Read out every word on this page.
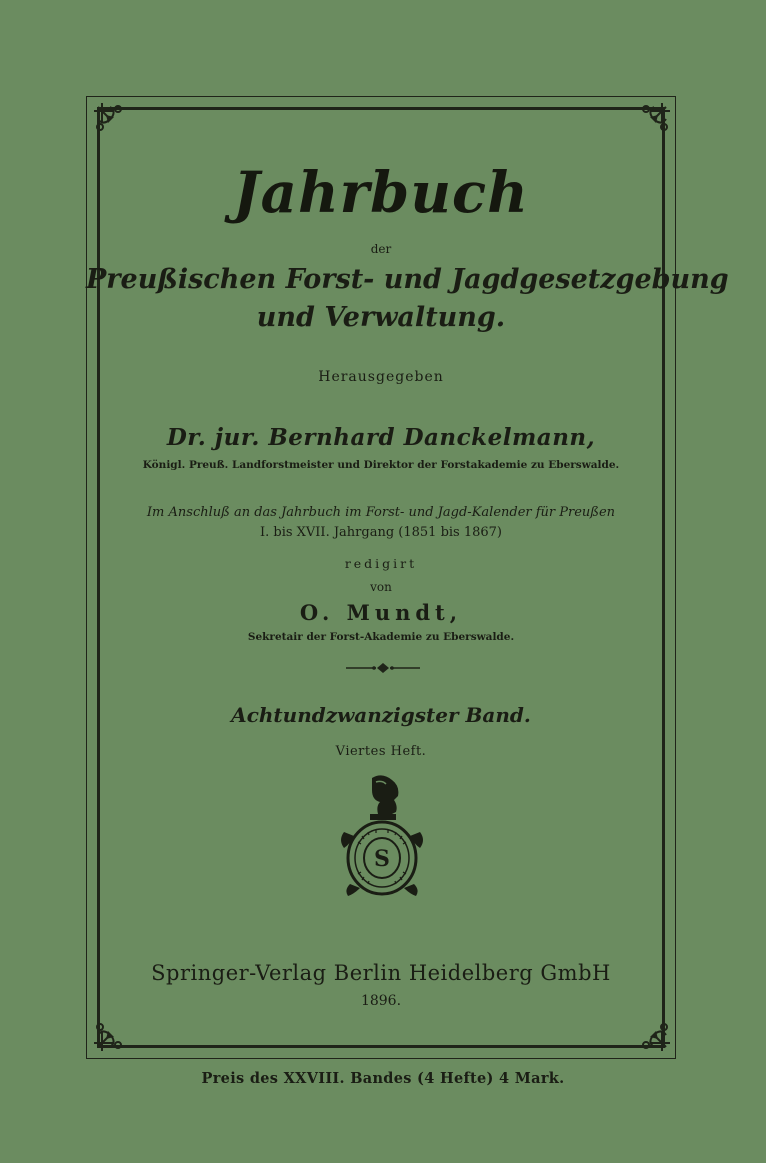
Jahrbuch
der
Preußischen Forst- und Jagdgesetzgebung
und Verwaltung.
Herausgegeben
Dr. jur. Bernhard Danckelmann,
Königl. Preuß. Landforstmeister und Direktor der Forstakademie zu Eberswalde.
Im Anschluß an das Jahrbuch im Forst- und Jagd-Kalender für Preußen
I. bis XVII. Jahrgang (1851 bis 1867)
redigirt
von
O. Mundt,
Sekretair der Forst-Akademie zu Eberswalde.
Achtundzwanzigster Band.
Viertes Heft.
S
Springer-Verlag Berlin Heidelberg GmbH
1896.
Preis des XXVIII. Bandes (4 Hefte) 4 Mark.
